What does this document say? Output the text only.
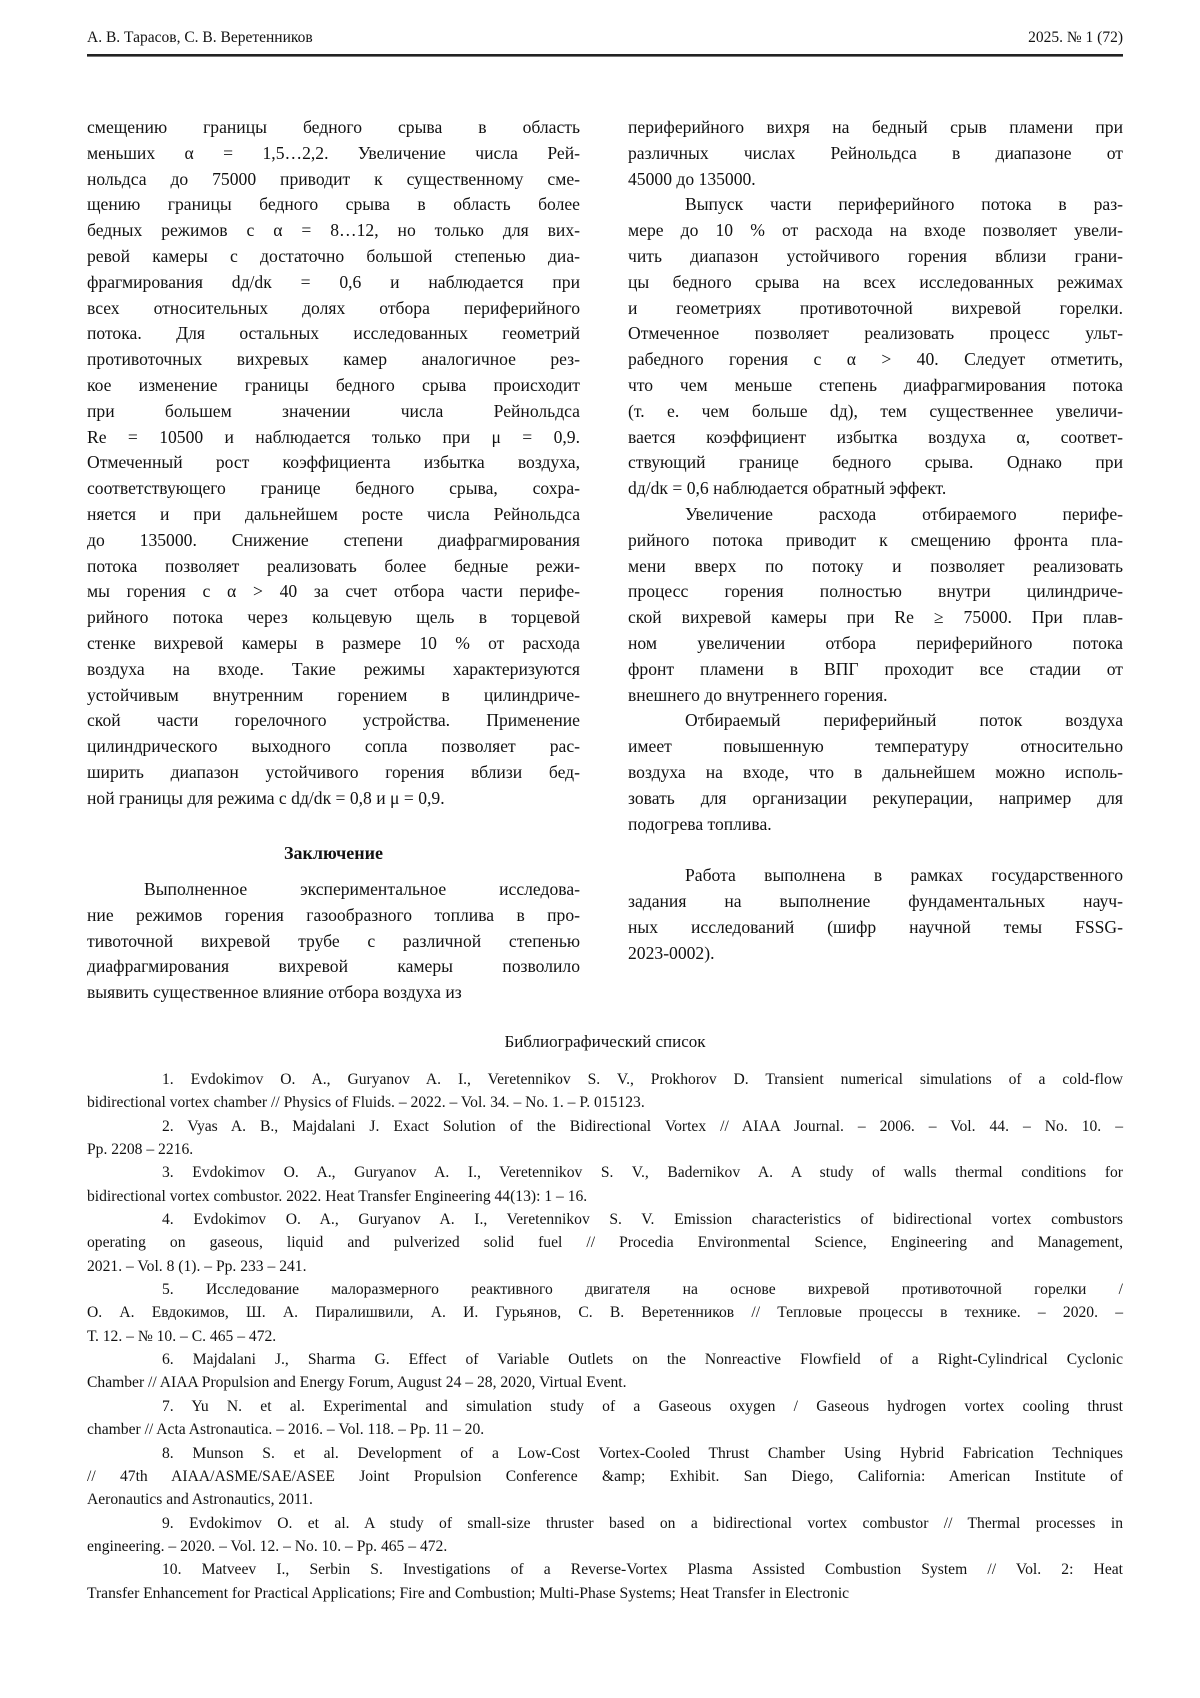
А. В. Тарасов, С. В. Веретенников	2025. № 1 (72)
смещению границы бедного срыва в область
меньших α = 1,5…2,2. Увеличение числа Рей-
нольдса до 75000 приводит к существенному сме-
щению границы бедного срыва в область более
бедных режимов с α = 8…12, но только для вих-
ревой камеры с достаточно большой степенью диа-
фрагмирования dд/dк = 0,6 и наблюдается при
всех относительных долях отбора периферийного
потока. Для остальных исследованных геометрий
противоточных вихревых камер аналогичное рез-
кое изменение границы бедного срыва происходит
при большем значении числа Рейнольдса
Re = 10500 и наблюдается только при μ = 0,9.
Отмеченный рост коэффициента избытка воздуха,
соответствующего границе бедного срыва, сохра-
няется и при дальнейшем росте числа Рейнольдса
до 135000. Снижение степени диафрагмирования
потока позволяет реализовать более бедные режи-
мы горения с α > 40 за счет отбора части перифе-
рийного потока через кольцевую щель в торцевой
стенке вихревой камеры в размере 10 % от расхода
воздуха на входе. Такие режимы характеризуются
устойчивым внутренним горением в цилиндриче-
ской части горелочного устройства. Применение
цилиндрического выходного сопла позволяет рас-
ширить диапазон устойчивого горения вблизи бед-
ной границы для режима с dд/dк = 0,8 и μ = 0,9.
Заключение
Выполненное экспериментальное исследова-
ние режимов горения газообразного топлива в про-
тивоточной вихревой трубе с различной степенью
диафрагмирования вихревой камеры позволило
выявить существенное влияние отбора воздуха из
периферийного вихря на бедный срыв пламени при
различных числах Рейнольдса в диапазоне от
45000 до 135000.
Выпуск части периферийного потока в раз-
мере до 10 % от расхода на входе позволяет увели-
чить диапазон устойчивого горения вблизи грани-
цы бедного срыва на всех исследованных режимах
и геометриях противоточной вихревой горелки.
Отмеченное позволяет реализовать процесс ульт-
рабедного горения с α > 40. Следует отметить,
что чем меньше степень диафрагмирования потока
(т. е. чем больше dд), тем существеннее увеличи-
вается коэффициент избытка воздуха α, соответ-
ствующий границе бедного срыва. Однако при
dд/dк = 0,6 наблюдается обратный эффект.
Увеличение расхода отбираемого перифе-
рийного потока приводит к смещению фронта пла-
мени вверх по потоку и позволяет реализовать
процесс горения полностью внутри цилиндриче-
ской вихревой камеры при Re ≥ 75000. При плав-
ном увеличении отбора периферийного потока
фронт пламени в ВПГ проходит все стадии от
внешнего до внутреннего горения.
Отбираемый периферийный поток воздуха
имеет повышенную температуру относительно
воздуха на входе, что в дальнейшем можно исполь-
зовать для организации рекуперации, например для
подогрева топлива.
Работа выполнена в рамках государственного
задания на выполнение фундаментальных науч-
ных исследований (шифр научной темы FSSG-
2023-0002).
Библиографический список
1. Evdokimov O. A., Guryanov A. I., Veretennikov S. V., Prokhorov D. Transient numerical simulations of a cold-flow
bidirectional vortex chamber // Physics of Fluids. – 2022. – Vol. 34. – No. 1. – P. 015123.
2. Vyas A. B., Majdalani J. Exact Solution of the Bidirectional Vortex // AIAA Journal. – 2006. – Vol. 44. – No. 10. –
Pp. 2208 – 2216.
3. Evdokimov O. A., Guryanov A. I., Veretennikov S. V., Badernikov A. A study of walls thermal conditions for
bidirectional vortex combustor. 2022. Heat Transfer Engineering 44(13): 1 – 16.
4. Evdokimov O. A., Guryanov A. I., Veretennikov S. V. Emission characteristics of bidirectional vortex combustors
operating on gaseous, liquid and pulverized solid fuel // Procedia Environmental Science, Engineering and Management,
2021. – Vol. 8 (1). – Pp. 233 – 241.
5. Исследование малоразмерного реактивного двигателя на основе вихревой противоточной горелки /
О. А. Евдокимов, Ш. А. Пиралишвили, А. И. Гурьянов, С. В. Веретенников // Тепловые процессы в технике. – 2020. –
Т. 12. – № 10. – С. 465 – 472.
6. Majdalani J., Sharma G. Effect of Variable Outlets on the Nonreactive Flowfield of a Right-Cylindrical Cyclonic
Chamber // AIAA Propulsion and Energy Forum, August 24 – 28, 2020, Virtual Event.
7. Yu N. et al. Experimental and simulation study of a Gaseous oxygen / Gaseous hydrogen vortex cooling thrust
chamber // Acta Astronautica. – 2016. – Vol. 118. – Pp. 11 – 20.
8. Munson S. et al. Development of a Low-Cost Vortex-Cooled Thrust Chamber Using Hybrid Fabrication Techniques
// 47th AIAA/ASME/SAE/ASEE Joint Propulsion Conference &amp; Exhibit. San Diego, California: American Institute of
Aeronautics and Astronautics, 2011.
9. Evdokimov O. et al. A study of small-size thruster based on a bidirectional vortex combustor // Thermal processes in
engineering. – 2020. – Vol. 12. – No. 10. – Pp. 465 – 472.
10. Matveev I., Serbin S. Investigations of a Reverse-Vortex Plasma Assisted Combustion System // Vol. 2: Heat
Transfer Enhancement for Practical Applications; Fire and Combustion; Multi-Phase Systems; Heat Transfer in Electronic
